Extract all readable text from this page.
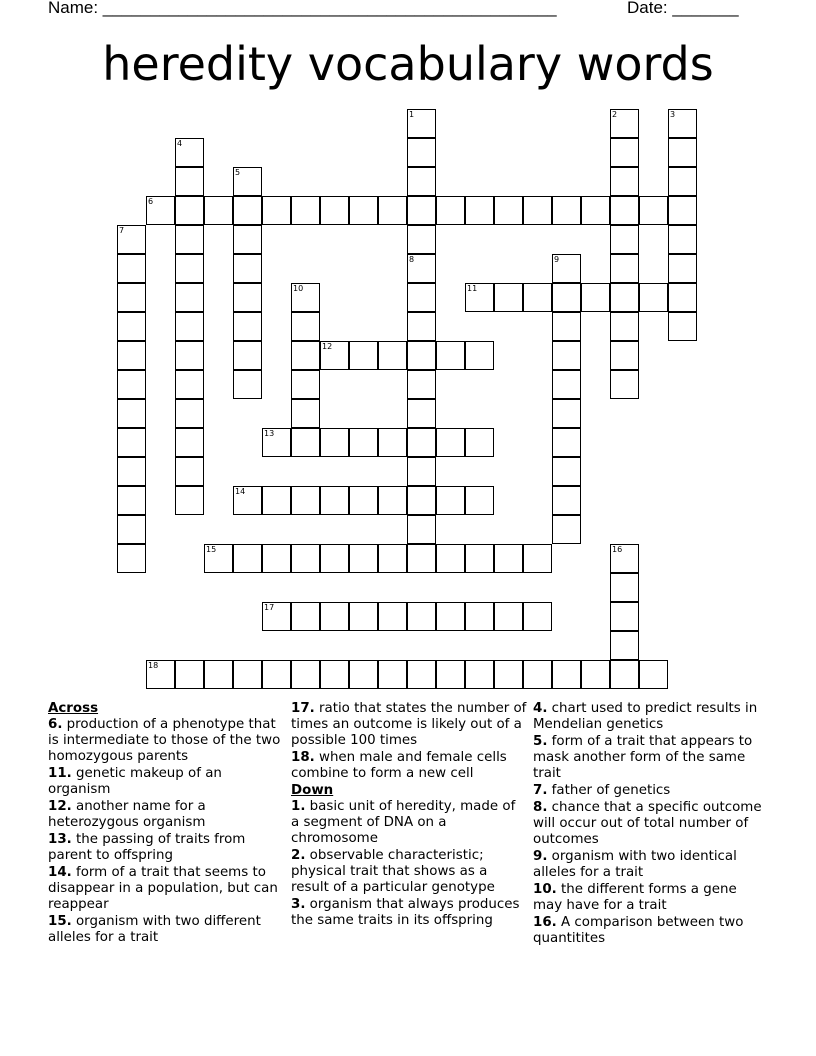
Name: ________________________________________________	Date: _______
heredity vocabulary words
6
11
12
13
14
15
17
18
1
8
2	3
4
5
7
9
10
16
Across
6. production of a phenotype that is intermediate to those of the two homozygous parents
11. genetic makeup of an organism
12. another name for a heterozygous organism
13. the passing of traits from parent to offspring
14. form of a trait that seems to disappear in a population, but can reappear
15. organism with two different alleles for a trait
17. ratio that states the number of times an outcome is likely out of a possible 100 times
18. when male and female cells combine to form a new cell
Down
1. basic unit of heredity, made of a segment of DNA on a chromosome
2. observable characteristic; physical trait that shows as a result of a particular genotype
3. organism that always produces the same traits in its offspring
4. chart used to predict results in Mendelian genetics
5. form of a trait that appears to mask another form of the same trait
7. father of genetics
8. chance that a specific outcome will occur out of total number of outcomes
9. organism with two identical alleles for a trait
10. the different forms a gene may have for a trait
16. A comparison between two quantitites
